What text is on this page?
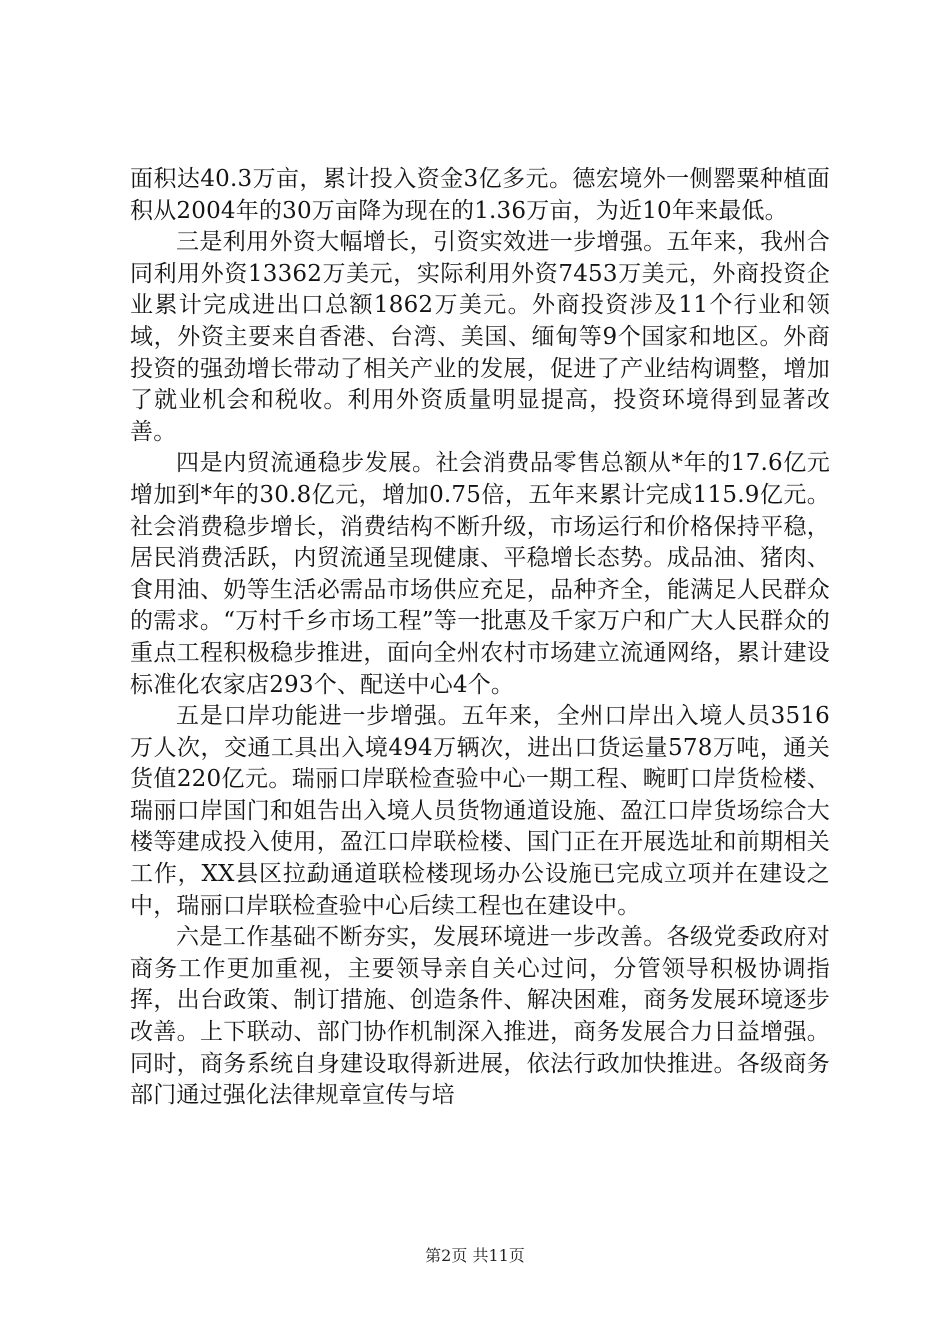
面积达40.3万亩，累计投入资金3亿多元。德宏境外一侧罂粟种植面积从2004年的30万亩降为现在的1.36万亩，为近10年来最低。

三是利用外资大幅增长，引资实效进一步增强。五年来，我州合同利用外资13362万美元，实际利用外资7453万美元，外商投资企业累计完成进出口总额1862万美元。外商投资涉及11个行业和领域，外资主要来自香港、台湾、美国、缅甸等9个国家和地区。外商投资的强劲增长带动了相关产业的发展，促进了产业结构调整，增加了就业机会和税收。利用外资质量明显提高，投资环境得到显著改善。

四是内贸流通稳步发展。社会消费品零售总额从*年的17.6亿元增加到*年的30.8亿元，增加0.75倍，五年来累计完成115.9亿元。社会消费稳步增长，消费结构不断升级，市场运行和价格保持平稳，居民消费活跃，内贸流通呈现健康、平稳增长态势。成品油、猪肉、食用油、奶等生活必需品市场供应充足，品种齐全，能满足人民群众的需求。“万村千乡市场工程”等一批惠及千家万户和广大人民群众的重点工程积极稳步推进，面向全州农村市场建立流通网络，累计建设标准化农家店293个、配送中心4个。

五是口岸功能进一步增强。五年来，全州口岸出入境人员3516万人次，交通工具出入境494万辆次，进出口货运量578万吨，通关货值220亿元。瑞丽口岸联检查验中心一期工程、畹町口岸货检楼、瑞丽口岸国门和姐告出入境人员货物通道设施、盈江口岸货场综合大楼等建成投入使用，盈江口岸联检楼、国门正在开展选址和前期相关工作，XX县区拉勐通道联检楼现场办公设施已完成立项并在建设之中，瑞丽口岸联检查验中心后续工程也在建设中。

六是工作基础不断夯实，发展环境进一步改善。各级党委政府对商务工作更加重视，主要领导亲自关心过问，分管领导积极协调指挥，出台政策、制订措施、创造条件、解决困难，商务发展环境逐步改善。上下联动、部门协作机制深入推进，商务发展合力日益增强。同时，商务系统自身建设取得新进展，依法行政加快推进。各级商务部门通过强化法律规章宣传与培

第2页 共11页
